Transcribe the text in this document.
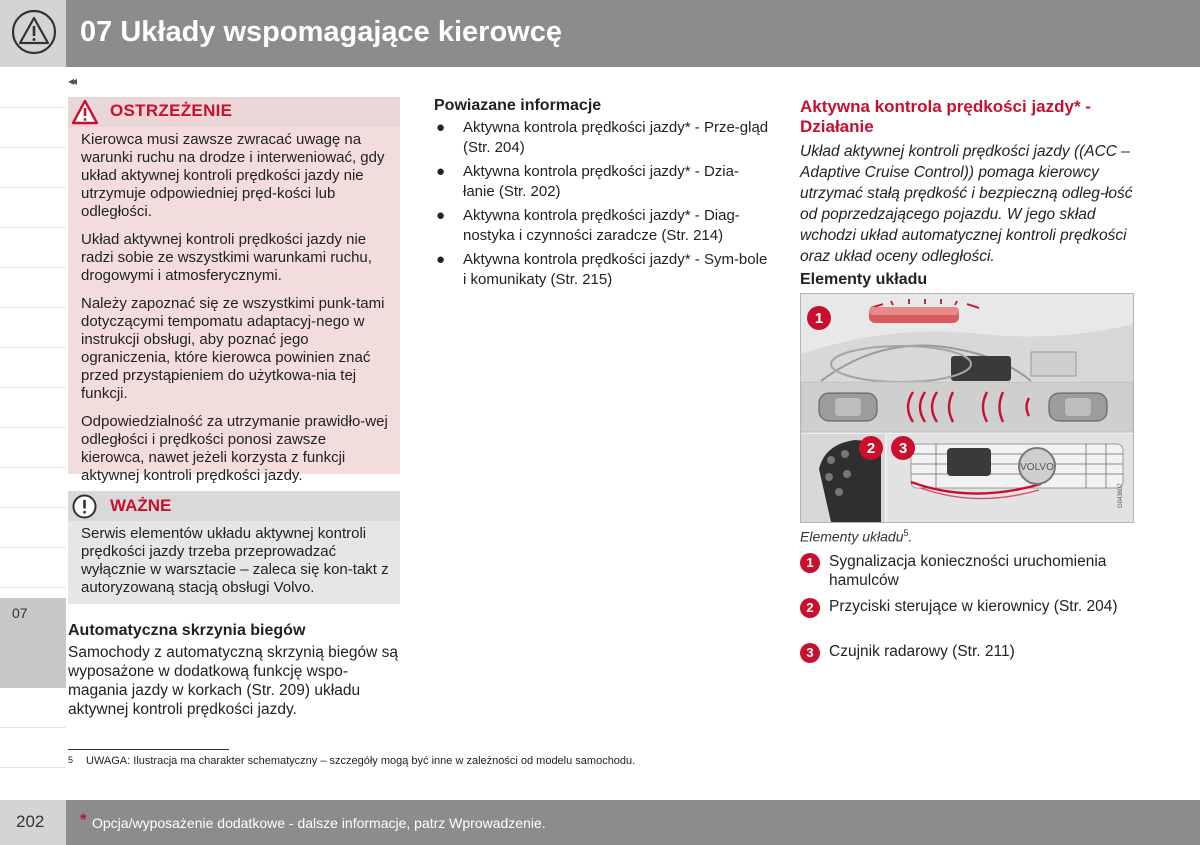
07 Układy wspomagające kierowcę
07
◂◂
OSTRZEŻENIE

Kierowca musi zawsze zwracać uwagę na warunki ruchu na drodze i interweniować, gdy układ aktywnej kontroli prędkości jazdy nie utrzymuje odpowiedniej pręd-kości lub odległości.

Układ aktywnej kontroli prędkości jazdy nie radzi sobie ze wszystkimi warunkami ruchu, drogowymi i atmosferycznymi.

Należy zapoznać się ze wszystkimi punk-tami dotyczącymi tempomatu adaptacyj-nego w instrukcji obsługi, aby poznać jego ograniczenia, które kierowca powinien znać przed przystąpieniem do użytkowa-nia tej funkcji.

Odpowiedzialność za utrzymanie prawidło-wej odległości i prędkości ponosi zawsze kierowca, nawet jeżeli korzysta z funkcji aktywnej kontroli prędkości jazdy.

WAŻNE
Serwis elementów układu aktywnej kontroli prędkości jazdy trzeba przeprowadzać wyłącznie w warsztacie – zaleca się kon-takt z autoryzowaną stacją obsługi Volvo.
Automatyczna skrzynia biegów
Samochody z automatyczną skrzynią biegów są wyposażone w dodatkową funkcję wspo-magania jazdy w korkach (Str. 209) układu aktywnej kontroli prędkości jazdy.
Powiazane informacje
● Aktywna kontrola prędkości jazdy* - Prze-gląd (Str. 204)
● Aktywna kontrola prędkości jazdy* - Dzia-łanie (Str. 202)
● Aktywna kontrola prędkości jazdy* - Diag-nostyka i czynności zaradcze (Str. 214)
● Aktywna kontrola prędkości jazdy* - Sym-bole i komunikaty (Str. 215)
Aktywna kontrola prędkości jazdy* - Działanie
Układ aktywnej kontroli prędkości jazdy ((ACC – Adaptive Cruise Control)) pomaga kierowcy utrzymać stałą prędkość i bezpieczną odleg-łość od poprzedzającego pojazdu. W jego skład wchodzi układ automatycznej kontroli prędkości oraz układ oceny odległości.
Elementy układu
VOLVO
G043607
1
2 3
Elementy układu$^5$.
1 Sygnalizacja konieczności uruchomienia hamulców
2 Przyciski sterujące w kierownicy (Str. 204)
3 Czujnik radarowy (Str. 211)
5 UWAGA: Ilustracja ma charakter schematyczny – szczegóły mogą być inne w zależności od modelu samochodu.
202 * Opcja/wyposażenie dodatkowe - dalsze informacje, patrz Wprowadzenie.
